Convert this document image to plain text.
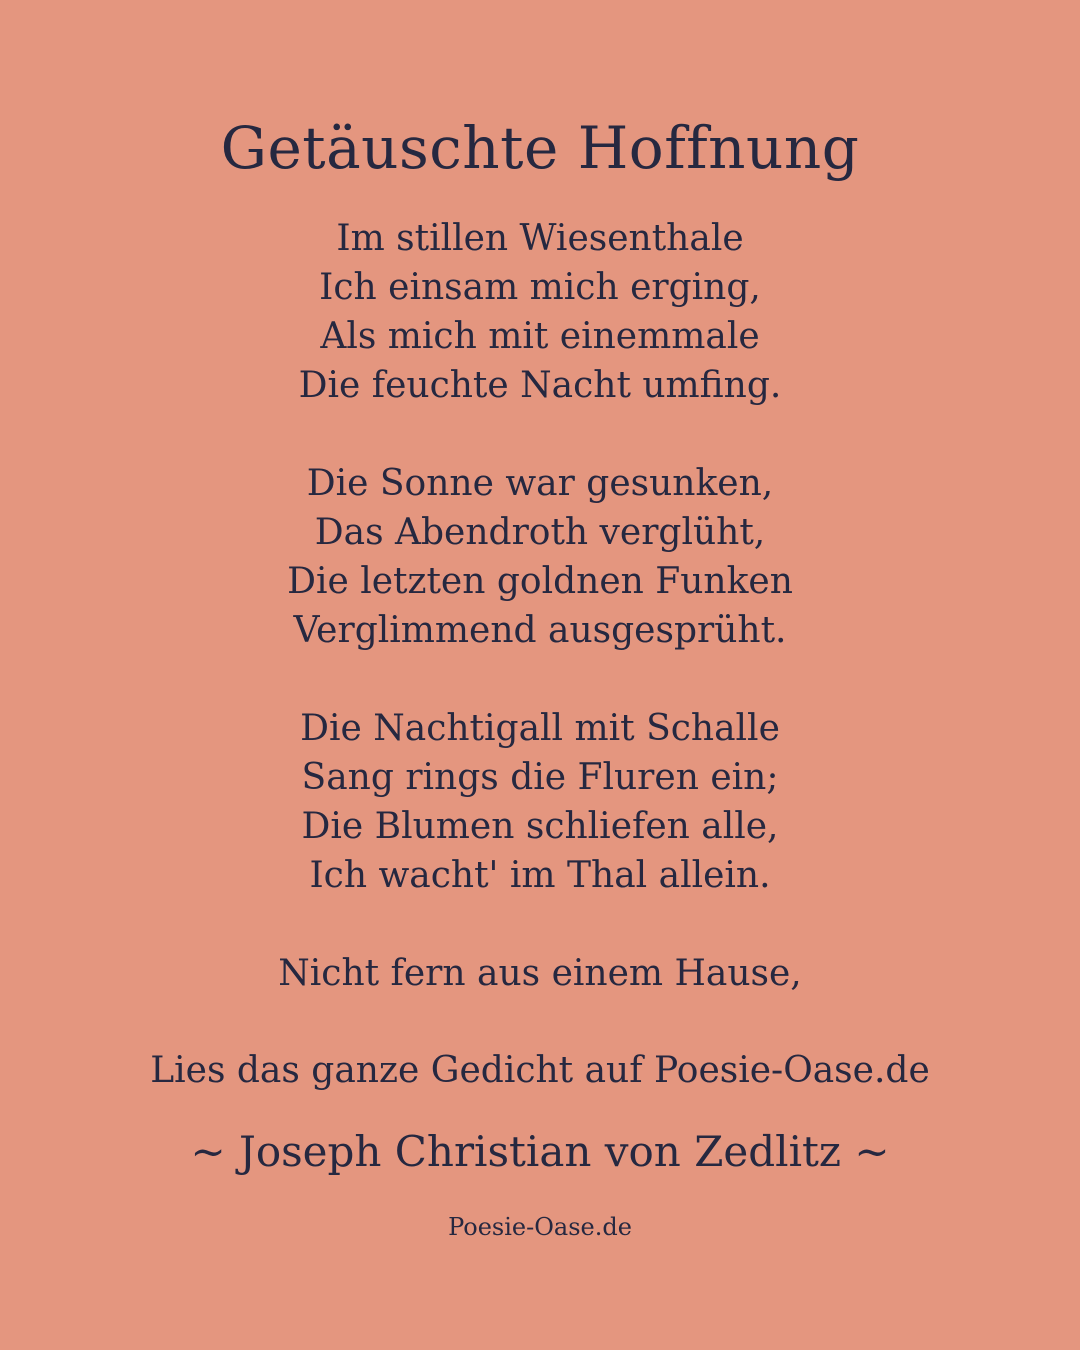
Getäuschte Hoffnung
Im stillen Wiesenthale
Ich einsam mich erging,
Als mich mit einemmale
Die feuchte Nacht umfing.
Die Sonne war gesunken,
Das Abendroth verglüht,
Die letzten goldnen Funken
Verglimmend ausgesprüht.
Die Nachtigall mit Schalle
Sang rings die Fluren ein;
Die Blumen schliefen alle,
Ich wacht' im Thal allein.
Nicht fern aus einem Hause,
Lies das ganze Gedicht auf Poesie-Oase.de
~ Joseph Christian von Zedlitz ~
Poesie-Oase.de
